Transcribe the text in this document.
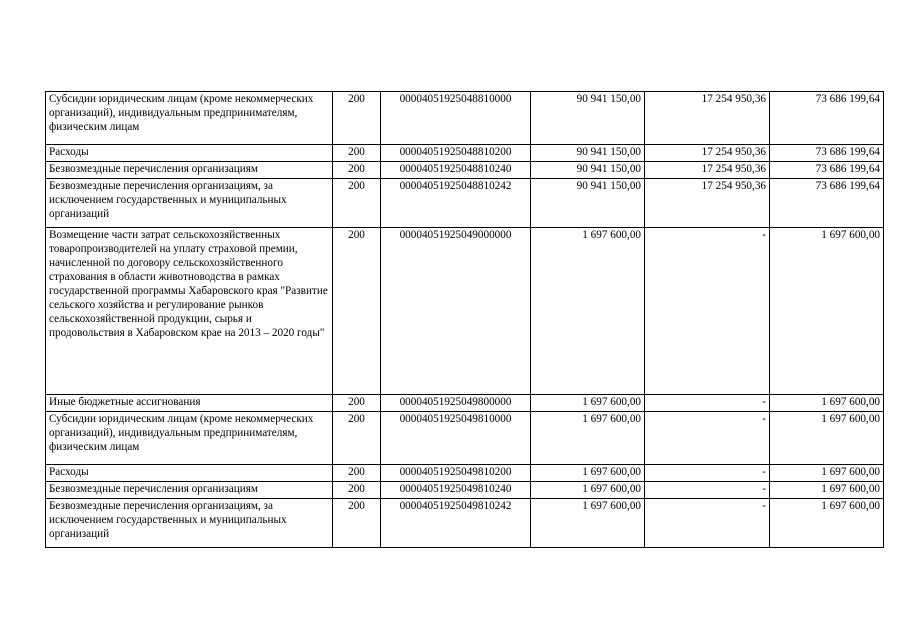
Субсидии юридическим лицам (кроме некоммерческих организаций), индивидуальным предпринимателям, физическим лицам	200	00004051925048810000	90 941 150,00	17 254 950,36	73 686 199,64
Расходы	200	00004051925048810200	90 941 150,00	17 254 950,36	73 686 199,64
Безвозмездные перечисления организациям	200	00004051925048810240	90 941 150,00	17 254 950,36	73 686 199,64
Безвозмездные перечисления организациям, за исключением государственных и муниципальных организаций	200	00004051925048810242	90 941 150,00	17 254 950,36	73 686 199,64
Возмещение части затрат сельскохозяйственных товаропроизводителей на уплату страховой премии, начисленной по договору сельскохозяйственного страхования в области животноводства в рамках государственной программы Хабаровского края "Развитие сельского хозяйства и регулирование рынков сельскохозяйственной продукции, сырья и продовольствия в Хабаровском крае на 2013 – 2020 годы"	200	00004051925049000000	1 697 600,00	-	1 697 600,00
Иные бюджетные ассигнования	200	00004051925049800000	1 697 600,00	-	1 697 600,00
Субсидии юридическим лицам (кроме некоммерческих организаций), индивидуальным предпринимателям, физическим лицам	200	00004051925049810000	1 697 600,00	-	1 697 600,00
Расходы	200	00004051925049810200	1 697 600,00	-	1 697 600,00
Безвозмездные перечисления организациям	200	00004051925049810240	1 697 600,00	-	1 697 600,00
Безвозмездные перечисления организациям, за исключением государственных и муниципальных организаций	200	00004051925049810242	1 697 600,00	-	1 697 600,00
